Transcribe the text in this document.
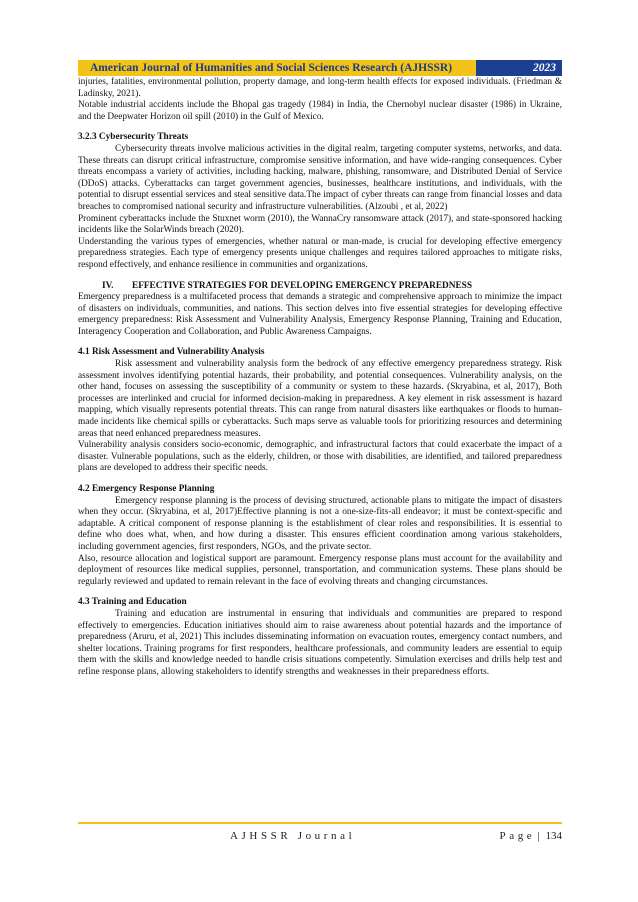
American Journal of Humanities and Social Sciences Research (AJHSSR)	2023

injuries, fatalities, environmental pollution, property damage, and long-term health effects for exposed individuals. (Friedman & Ladinsky, 2021).

Notable industrial accidents include the Bhopal gas tragedy (1984) in India, the Chernobyl nuclear disaster (1986) in Ukraine, and the Deepwater Horizon oil spill (2010) in the Gulf of Mexico.

3.2.3 Cybersecurity Threats

Cybersecurity threats involve malicious activities in the digital realm, targeting computer systems, networks, and data. These threats can disrupt critical infrastructure, compromise sensitive information, and have wide-ranging consequences. Cyber threats encompass a variety of activities, including hacking, malware, phishing, ransomware, and Distributed Denial of Service (DDoS) attacks. Cyberattacks can target government agencies, businesses, healthcare institutions, and individuals, with the potential to disrupt essential services and steal sensitive data.The impact of cyber threats can range from financial losses and data breaches to compromised national security and infrastructure vulnerabilities. (Alzoubi , et al, 2022)

Prominent cyberattacks include the Stuxnet worm (2010), the WannaCry ransomware attack (2017), and state-sponsored hacking incidents like the SolarWinds breach (2020).

Understanding the various types of emergencies, whether natural or man-made, is crucial for developing effective emergency preparedness strategies. Each type of emergency presents unique challenges and requires tailored approaches to mitigate risks, respond effectively, and enhance resilience in communities and organizations.

IV. EFFECTIVE STRATEGIES FOR DEVELOPING EMERGENCY PREPAREDNESS

Emergency preparedness is a multifaceted process that demands a strategic and comprehensive approach to minimize the impact of disasters on individuals, communities, and nations. This section delves into five essential strategies for developing effective emergency preparedness: Risk Assessment and Vulnerability Analysis, Emergency Response Planning, Training and Education, Interagency Cooperation and Collaboration, and Public Awareness Campaigns.

4.1 Risk Assessment and Vulnerability Analysis

Risk assessment and vulnerability analysis form the bedrock of any effective emergency preparedness strategy. Risk assessment involves identifying potential hazards, their probability, and potential consequences. Vulnerability analysis, on the other hand, focuses on assessing the susceptibility of a community or system to these hazards. (Skryabina, et al, 2017), Both processes are interlinked and crucial for informed decision-making in preparedness. A key element in risk assessment is hazard mapping, which visually represents potential threats. This can range from natural disasters like earthquakes or floods to human-made incidents like chemical spills or cyberattacks. Such maps serve as valuable tools for prioritizing resources and determining areas that need enhanced preparedness measures.

Vulnerability analysis considers socio-economic, demographic, and infrastructural factors that could exacerbate the impact of a disaster. Vulnerable populations, such as the elderly, children, or those with disabilities, are identified, and tailored preparedness plans are developed to address their specific needs.

4.2 Emergency Response Planning

Emergency response planning is the process of devising structured, actionable plans to mitigate the impact of disasters when they occur. (Skryabina, et al, 2017)Effective planning is not a one-size-fits-all endeavor; it must be context-specific and adaptable. A critical component of response planning is the establishment of clear roles and responsibilities. It is essential to define who does what, when, and how during a disaster. This ensures efficient coordination among various stakeholders, including government agencies, first responders, NGOs, and the private sector.

Also, resource allocation and logistical support are paramount. Emergency response plans must account for the availability and deployment of resources like medical supplies, personnel, transportation, and communication systems. These plans should be regularly reviewed and updated to remain relevant in the face of evolving threats and changing circumstances.

4.3 Training and Education

Training and education are instrumental in ensuring that individuals and communities are prepared to respond effectively to emergencies. Education initiatives should aim to raise awareness about potential hazards and the importance of preparedness (Aruru, et al, 2021) This includes disseminating information on evacuation routes, emergency contact numbers, and shelter locations. Training programs for first responders, healthcare professionals, and community leaders are essential to equip them with the skills and knowledge needed to handle crisis situations competently. Simulation exercises and drills help test and refine response plans, allowing stakeholders to identify strengths and weaknesses in their preparedness efforts.

AJHSSR Journal	Page | 134
